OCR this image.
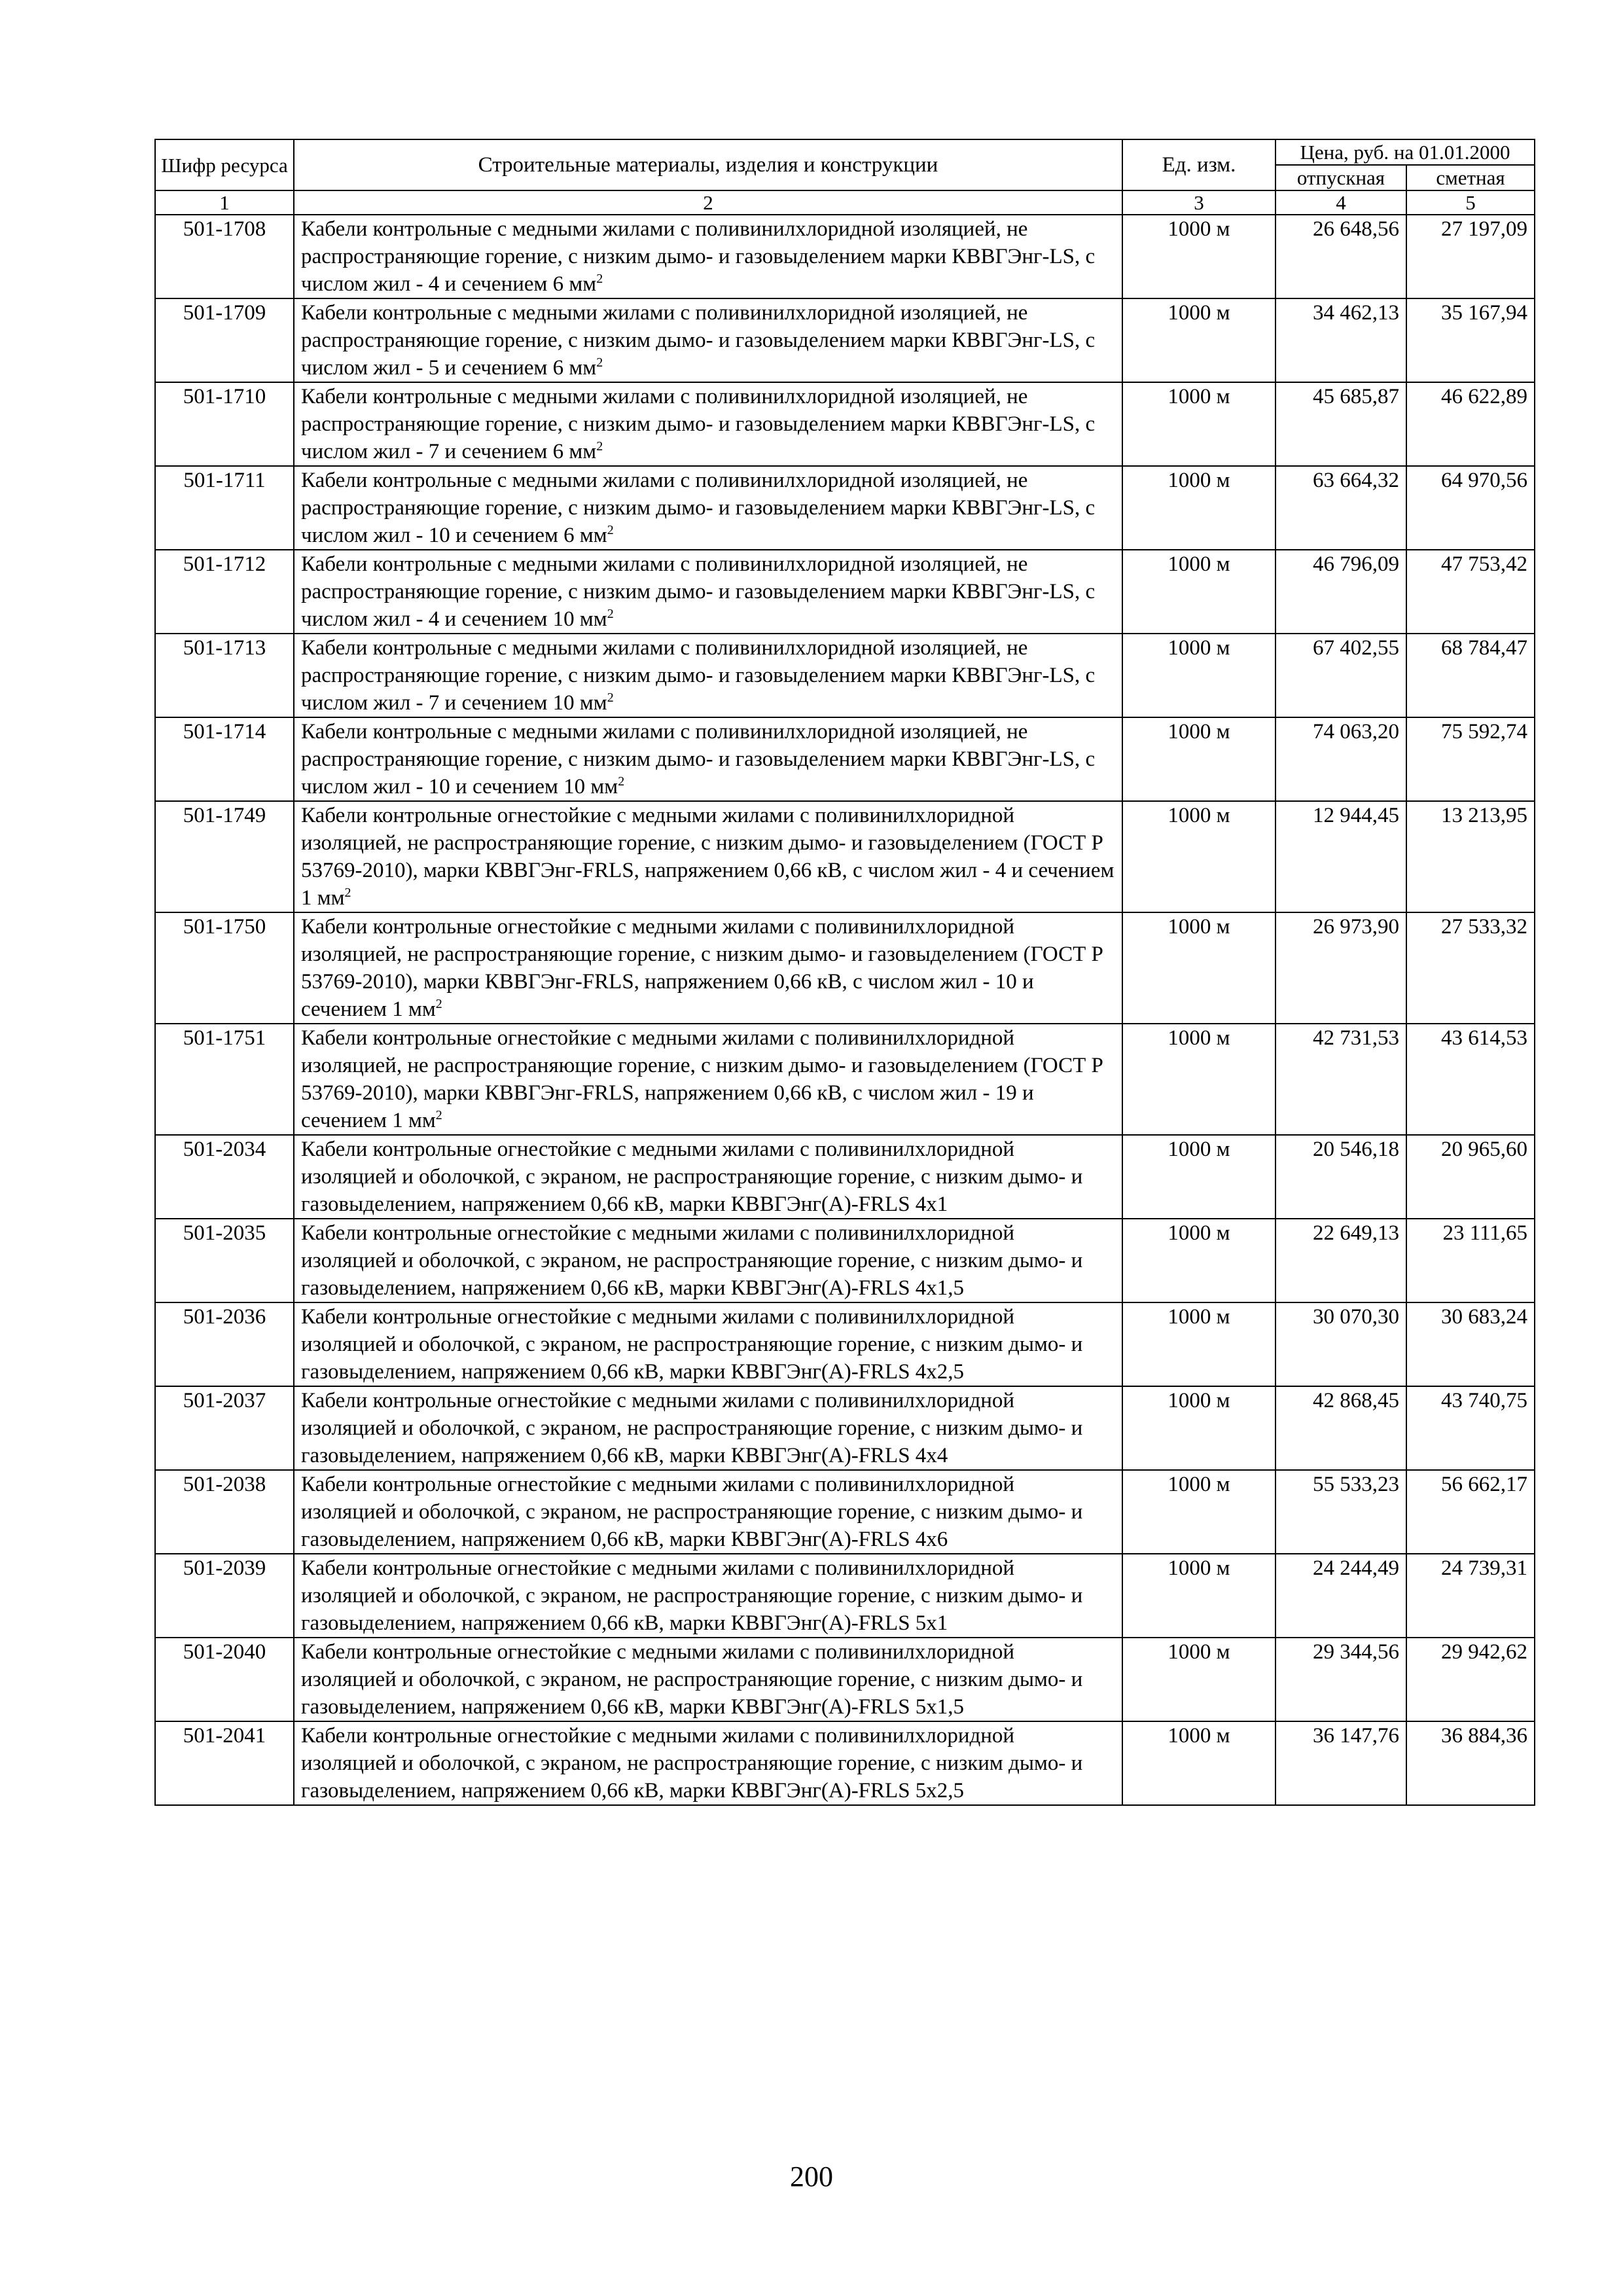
Шифр ресурса	Строительные материалы, изделия и конструкции	Ед. изм.	Цена, руб. на 01.01.2000	
			отпускная	сметная
1	2	3	4	5
501-1708	Кабели контрольные с медными жилами с поливинилхлоридной изоляцией, не распространяющие горение, с низким дымо- и газовыделением марки КВВГЭнг-LS, с числом жил - 4 и сечением 6 $мм^2$	1000 м	26 648,56	27 197,09
501-1709	Кабели контрольные с медными жилами с поливинилхлоридной изоляцией, не распространяющие горение, с низким дымо- и газовыделением марки КВВГЭнг-LS, с числом жил - 5 и сечением 6 $мм^2$	1000 м	34 462,13	35 167,94
501-1710	Кабели контрольные с медными жилами с поливинилхлоридной изоляцией, не распространяющие горение, с низким дымо- и газовыделением марки КВВГЭнг-LS, с числом жил - 7 и сечением 6 $мм^2$	1000 м	45 685,87	46 622,89
501-1711	Кабели контрольные с медными жилами с поливинилхлоридной изоляцией, не распространяющие горение, с низким дымо- и газовыделением марки КВВГЭнг-LS, с числом жил - 10 и сечением 6 $мм^2$	1000 м	63 664,32	64 970,56
501-1712	Кабели контрольные с медными жилами с поливинилхлоридной изоляцией, не распространяющие горение, с низким дымо- и газовыделением марки КВВГЭнг-LS, с числом жил - 4 и сечением 10 $мм^2$	1000 м	46 796,09	47 753,42
501-1713	Кабели контрольные с медными жилами с поливинилхлоридной изоляцией, не распространяющие горение, с низким дымо- и газовыделением марки КВВГЭнг-LS, с числом жил - 7 и сечением 10 $мм^2$	1000 м	67 402,55	68 784,47
501-1714	Кабели контрольные с медными жилами с поливинилхлоридной изоляцией, не распространяющие горение, с низким дымо- и газовыделением марки КВВГЭнг-LS, с числом жил - 10 и сечением 10 $мм^2$	1000 м	74 063,20	75 592,74
501-1749	Кабели контрольные огнестойкие с медными жилами с поливинилхлоридной изоляцией, не распространяющие горение, с низким дымо- и газовыделением (ГОСТ Р 53769-2010), марки КВВГЭнг-FRLS, напряжением 0,66 кВ, с числом жил - 4 и сечением 1 $мм^2$	1000 м	12 944,45	13 213,95
501-1750	Кабели контрольные огнестойкие с медными жилами с поливинилхлоридной изоляцией, не распространяющие горение, с низким дымо- и газовыделением (ГОСТ Р 53769-2010), марки КВВГЭнг-FRLS, напряжением 0,66 кВ, с числом жил - 10 и сечением 1 $мм^2$	1000 м	26 973,90	27 533,32
501-1751	Кабели контрольные огнестойкие с медными жилами с поливинилхлоридной изоляцией, не распространяющие горение, с низким дымо- и газовыделением (ГОСТ Р 53769-2010), марки КВВГЭнг-FRLS, напряжением 0,66 кВ, с числом жил - 19 и сечением 1 $мм^2$	1000 м	42 731,53	43 614,53
501-2034	Кабели контрольные огнестойкие с медными жилами с поливинилхлоридной изоляцией и оболочкой, с экраном, не распространяющие горение, с низким дымо- и газовыделением, напряжением 0,66 кВ, марки КВВГЭнг(А)-FRLS 4х1	1000 м	20 546,18	20 965,60
501-2035	Кабели контрольные огнестойкие с медными жилами с поливинилхлоридной изоляцией и оболочкой, с экраном, не распространяющие горение, с низким дымо- и газовыделением, напряжением 0,66 кВ, марки КВВГЭнг(А)-FRLS 4х1,5	1000 м	22 649,13	23 111,65
501-2036	Кабели контрольные огнестойкие с медными жилами с поливинилхлоридной изоляцией и оболочкой, с экраном, не распространяющие горение, с низким дымо- и газовыделением, напряжением 0,66 кВ, марки КВВГЭнг(А)-FRLS 4х2,5	1000 м	30 070,30	30 683,24
501-2037	Кабели контрольные огнестойкие с медными жилами с поливинилхлоридной изоляцией и оболочкой, с экраном, не распространяющие горение, с низким дымо- и газовыделением, напряжением 0,66 кВ, марки КВВГЭнг(А)-FRLS 4х4	1000 м	42 868,45	43 740,75
501-2038	Кабели контрольные огнестойкие с медными жилами с поливинилхлоридной изоляцией и оболочкой, с экраном, не распространяющие горение, с низким дымо- и газовыделением, напряжением 0,66 кВ, марки КВВГЭнг(А)-FRLS 4х6	1000 м	55 533,23	56 662,17
501-2039	Кабели контрольные огнестойкие с медными жилами с поливинилхлоридной изоляцией и оболочкой, с экраном, не распространяющие горение, с низким дымо- и газовыделением, напряжением 0,66 кВ, марки КВВГЭнг(А)-FRLS 5х1	1000 м	24 244,49	24 739,31
501-2040	Кабели контрольные огнестойкие с медными жилами с поливинилхлоридной изоляцией и оболочкой, с экраном, не распространяющие горение, с низким дымо- и газовыделением, напряжением 0,66 кВ, марки КВВГЭнг(А)-FRLS 5х1,5	1000 м	29 344,56	29 942,62
501-2041	Кабели контрольные огнестойкие с медными жилами с поливинилхлоридной изоляцией и оболочкой, с экраном, не распространяющие горение, с низким дымо- и газовыделением, напряжением 0,66 кВ, марки КВВГЭнг(А)-FRLS 5х2,5	1000 м	36 147,76	36 884,36
200
